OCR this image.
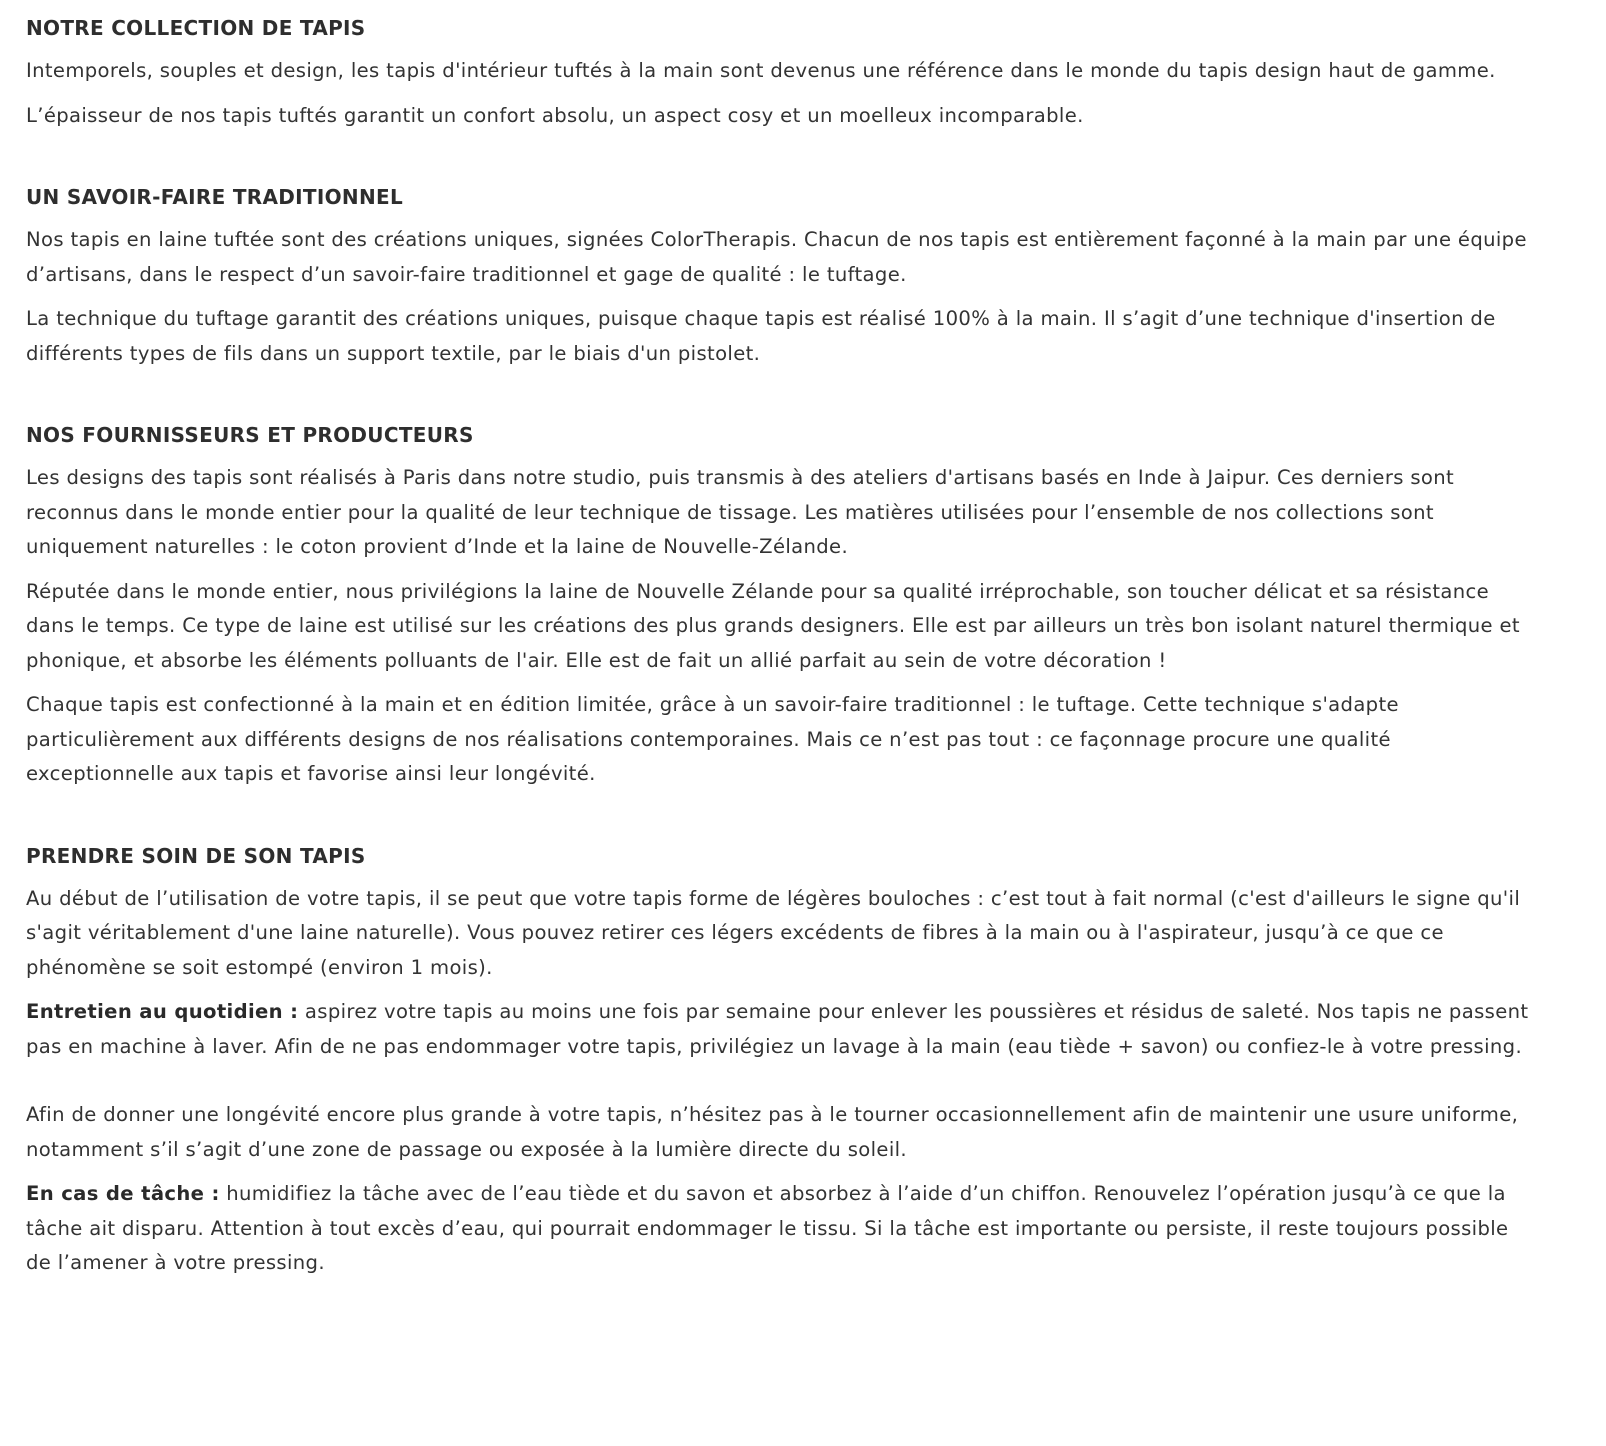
NOTRE COLLECTION DE TAPIS

Intemporels, souples et design, les tapis d'intérieur tuftés à la main sont devenus une référence dans le monde du tapis design haut de gamme.

L’épaisseur de nos tapis tuftés garantit un confort absolu, un aspect cosy et un moelleux incomparable.

UN SAVOIR-FAIRE TRADITIONNEL

Nos tapis en laine tuftée sont des créations uniques, signées ColorTherapis. Chacun de nos tapis est entièrement façonné à la main par une équipe d’artisans, dans le respect d’un savoir-faire traditionnel et gage de qualité : le tuftage.

La technique du tuftage garantit des créations uniques, puisque chaque tapis est réalisé 100% à la main. Il s’agit d’une technique d'insertion de différents types de fils dans un support textile, par le biais d'un pistolet.

NOS FOURNISSEURS ET PRODUCTEURS

Les designs des tapis sont réalisés à Paris dans notre studio, puis transmis à des ateliers d'artisans basés en Inde à Jaipur. Ces derniers sont reconnus dans le monde entier pour la qualité de leur technique de tissage. Les matières utilisées pour l’ensemble de nos collections sont uniquement naturelles : le coton provient d’Inde et la laine de Nouvelle-Zélande.

Réputée dans le monde entier, nous privilégions la laine de Nouvelle Zélande pour sa qualité irréprochable, son toucher délicat et sa résistance dans le temps. Ce type de laine est utilisé sur les créations des plus grands designers. Elle est par ailleurs un très bon isolant naturel thermique et phonique, et absorbe les éléments polluants de l'air. Elle est de fait un allié parfait au sein de votre décoration !

Chaque tapis est confectionné à la main et en édition limitée, grâce à un savoir-faire traditionnel : le tuftage. Cette technique s'adapte particulièrement aux différents designs de nos réalisations contemporaines. Mais ce n’est pas tout : ce façonnage procure une qualité exceptionnelle aux tapis et favorise ainsi leur longévité.

PRENDRE SOIN DE SON TAPIS

Au début de l’utilisation de votre tapis, il se peut que votre tapis forme de légères bouloches : c’est tout à fait normal (c'est d'ailleurs le signe qu'il s'agit véritablement d'une laine naturelle). Vous pouvez retirer ces légers excédents de fibres à la main ou à l'aspirateur, jusqu’à ce que ce phénomène se soit estompé (environ 1 mois).

Entretien au quotidien : aspirez votre tapis au moins une fois par semaine pour enlever les poussières et résidus de saleté. Nos tapis ne passent pas en machine à laver. Afin de ne pas endommager votre tapis, privilégiez un lavage à la main (eau tiède + savon) ou confiez-le à votre pressing.

Afin de donner une longévité encore plus grande à votre tapis, n’hésitez pas à le tourner occasionnellement afin de maintenir une usure uniforme, notamment s’il s’agit d’une zone de passage ou exposée à la lumière directe du soleil.

En cas de tâche : humidifiez la tâche avec de l’eau tiède et du savon et absorbez à l’aide d’un chiffon. Renouvelez l’opération jusqu’à ce que la tâche ait disparu. Attention à tout excès d’eau, qui pourrait endommager le tissu. Si la tâche est importante ou persiste, il reste toujours possible de l’amener à votre pressing.
